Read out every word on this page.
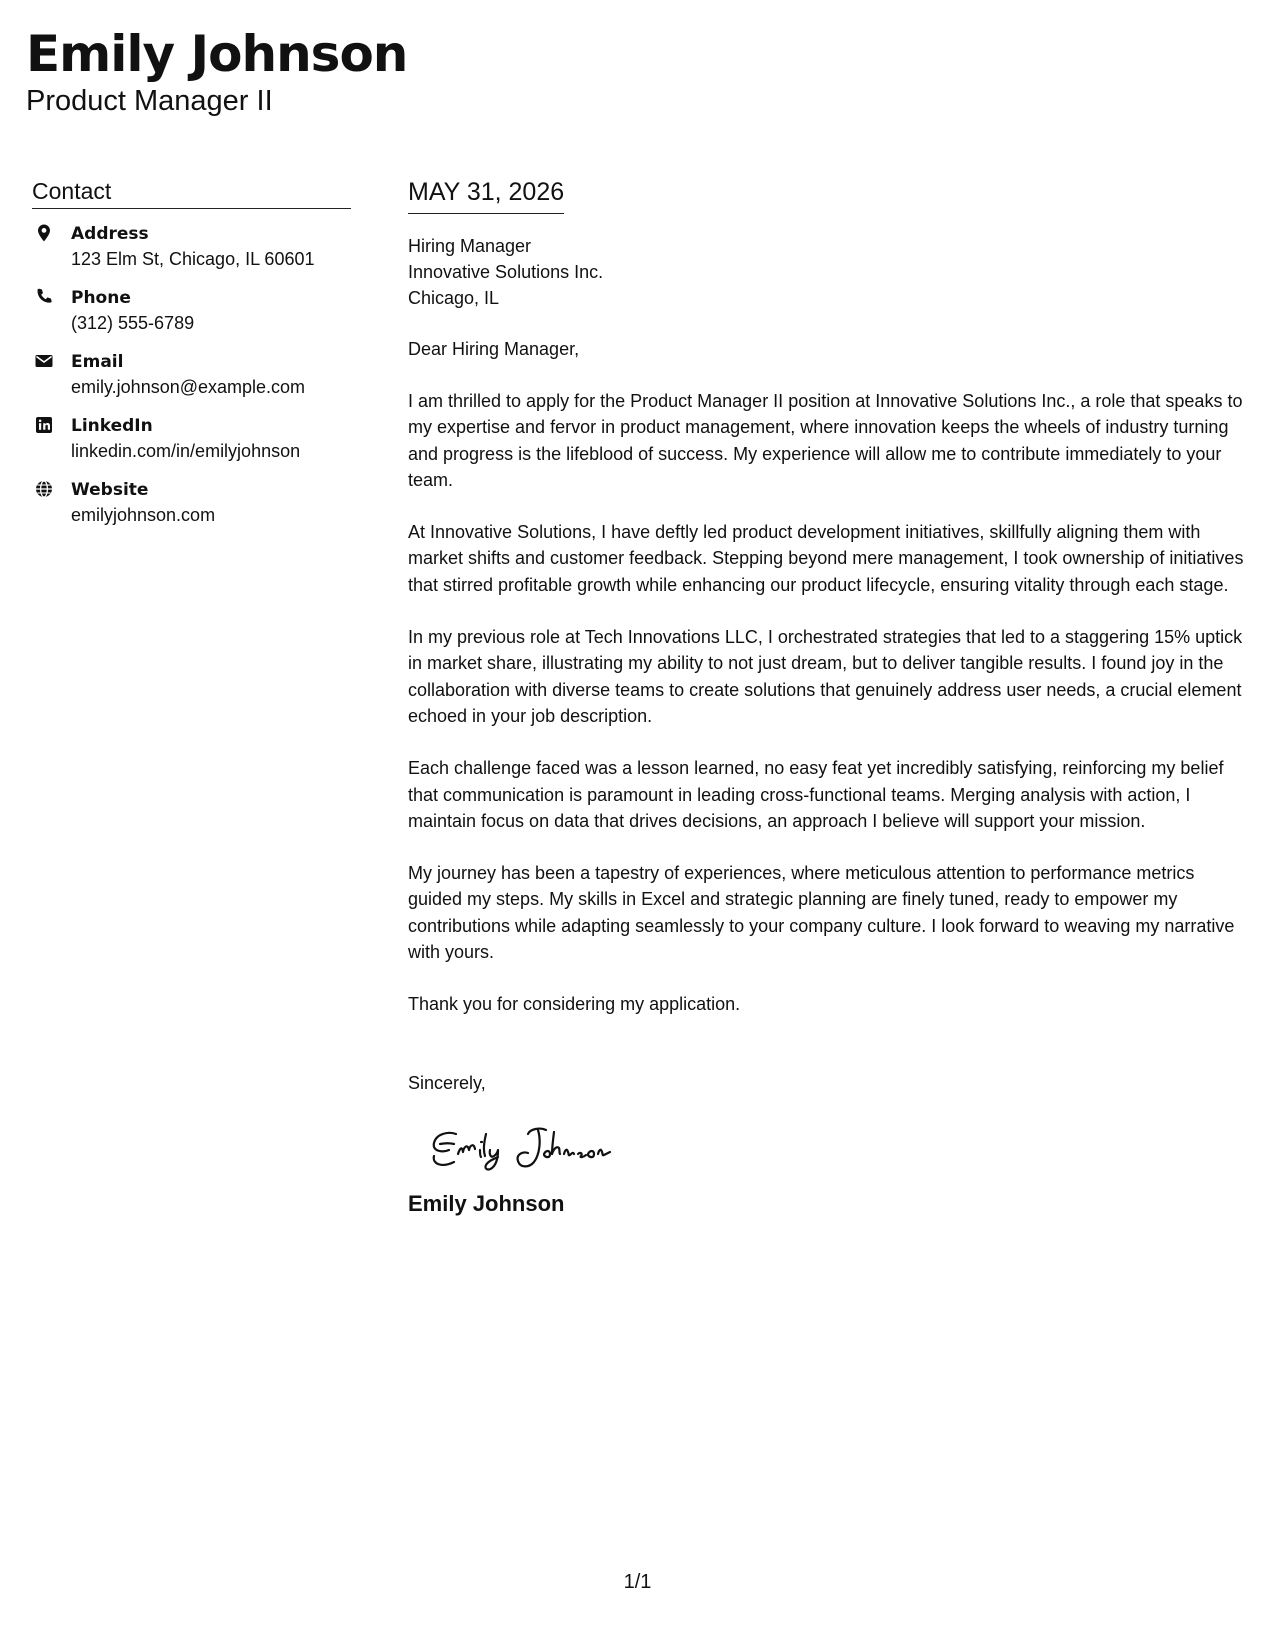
Emily Johnson
Product Manager II
Contact
Address
123 Elm St, Chicago, IL 60601
Phone
(312) 555-6789
Email
emily.johnson@example.com
LinkedIn
linkedin.com/in/emilyjohnson
Website
emilyjohnson.com
MAY 31, 2026
Hiring Manager
Innovative Solutions Inc.
Chicago, IL
Dear Hiring Manager,
I am thrilled to apply for the Product Manager II position at Innovative Solutions Inc., a role that speaks to my expertise and fervor in product management, where innovation keeps the wheels of industry turning and progress is the lifeblood of success. My experience will allow me to contribute immediately to your team.
At Innovative Solutions, I have deftly led product development initiatives, skillfully aligning them with market shifts and customer feedback. Stepping beyond mere management, I took ownership of initiatives that stirred profitable growth while enhancing our product lifecycle, ensuring vitality through each stage.
In my previous role at Tech Innovations LLC, I orchestrated strategies that led to a staggering 15% uptick in market share, illustrating my ability to not just dream, but to deliver tangible results. I found joy in the collaboration with diverse teams to create solutions that genuinely address user needs, a crucial element echoed in your job description.
Each challenge faced was a lesson learned, no easy feat yet incredibly satisfying, reinforcing my belief that communication is paramount in leading cross-functional teams. Merging analysis with action, I maintain focus on data that drives decisions, an approach I believe will support your mission.
My journey has been a tapestry of experiences, where meticulous attention to performance metrics guided my steps. My skills in Excel and strategic planning are finely tuned, ready to empower my contributions while adapting seamlessly to your company culture. I look forward to weaving my narrative with yours.
Thank you for considering my application.
Sincerely,
Emily Johnson
1/1
